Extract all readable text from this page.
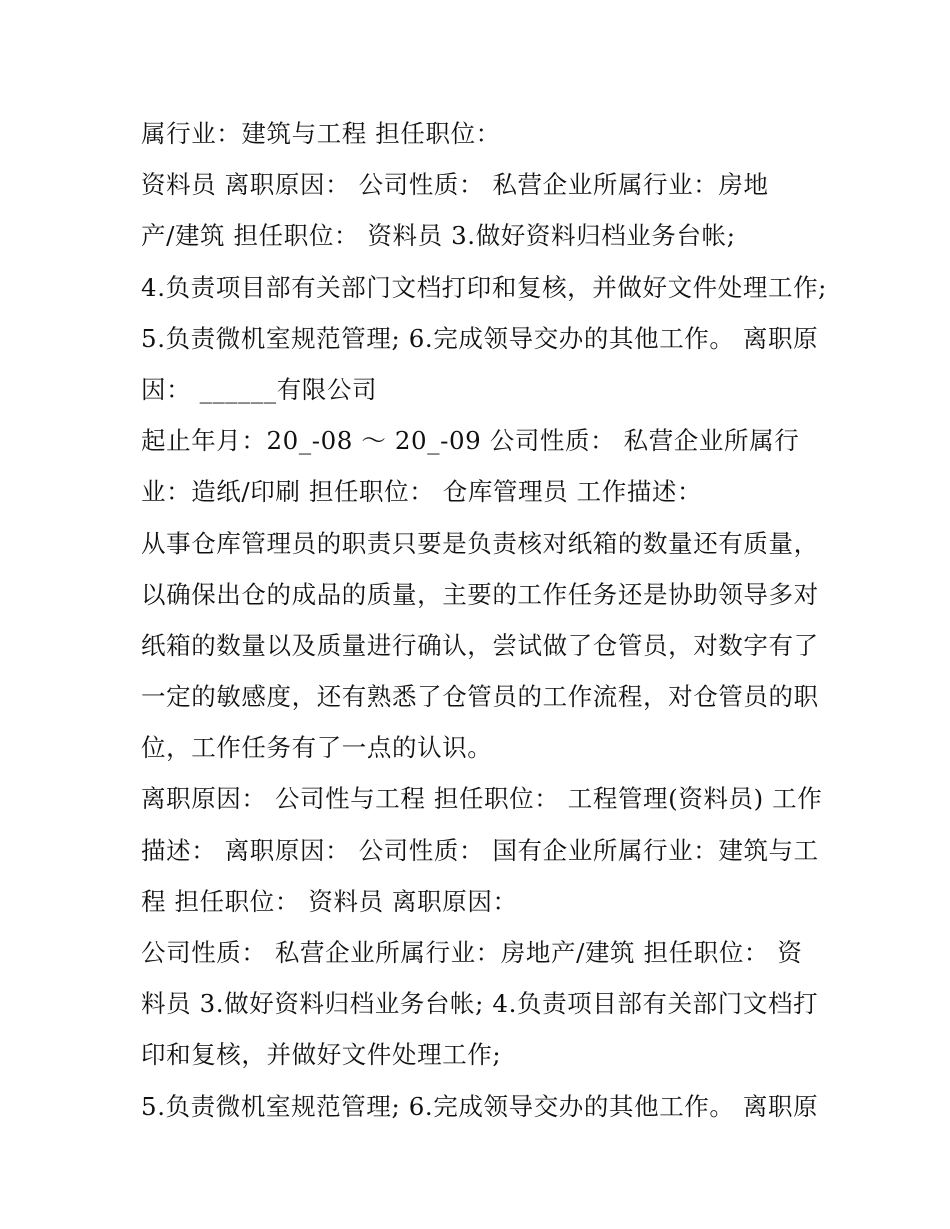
属行业：建筑与工程 担任职位：
资料员 离职原因： 公司性质： 私营企业所属行业：房地
产/建筑 担任职位： 资料员 3.做好资料归档业务台帐;
4.负责项目部有关部门文档打印和复核，并做好文件处理工作;
5.负责微机室规范管理; 6.完成领导交办的其他工作。 离职原
因： ______有限公司
起止年月：20_-08 ～ 20_-09 公司性质： 私营企业所属行
业：造纸/印刷 担任职位： 仓库管理员 工作描述：
从事仓库管理员的职责只要是负责核对纸箱的数量还有质量，
以确保出仓的成品的质量，主要的工作任务还是协助领导多对
纸箱的数量以及质量进行确认，尝试做了仓管员，对数字有了
一定的敏感度，还有熟悉了仓管员的工作流程，对仓管员的职
位，工作任务有了一点的认识。
离职原因： 公司性与工程 担任职位： 工程管理(资料员) 工作
描述： 离职原因： 公司性质： 国有企业所属行业：建筑与工
程 担任职位： 资料员 离职原因：
公司性质： 私营企业所属行业：房地产/建筑 担任职位： 资
料员 3.做好资料归档业务台帐; 4.负责项目部有关部门文档打
印和复核，并做好文件处理工作;
5.负责微机室规范管理; 6.完成领导交办的其他工作。 离职原
